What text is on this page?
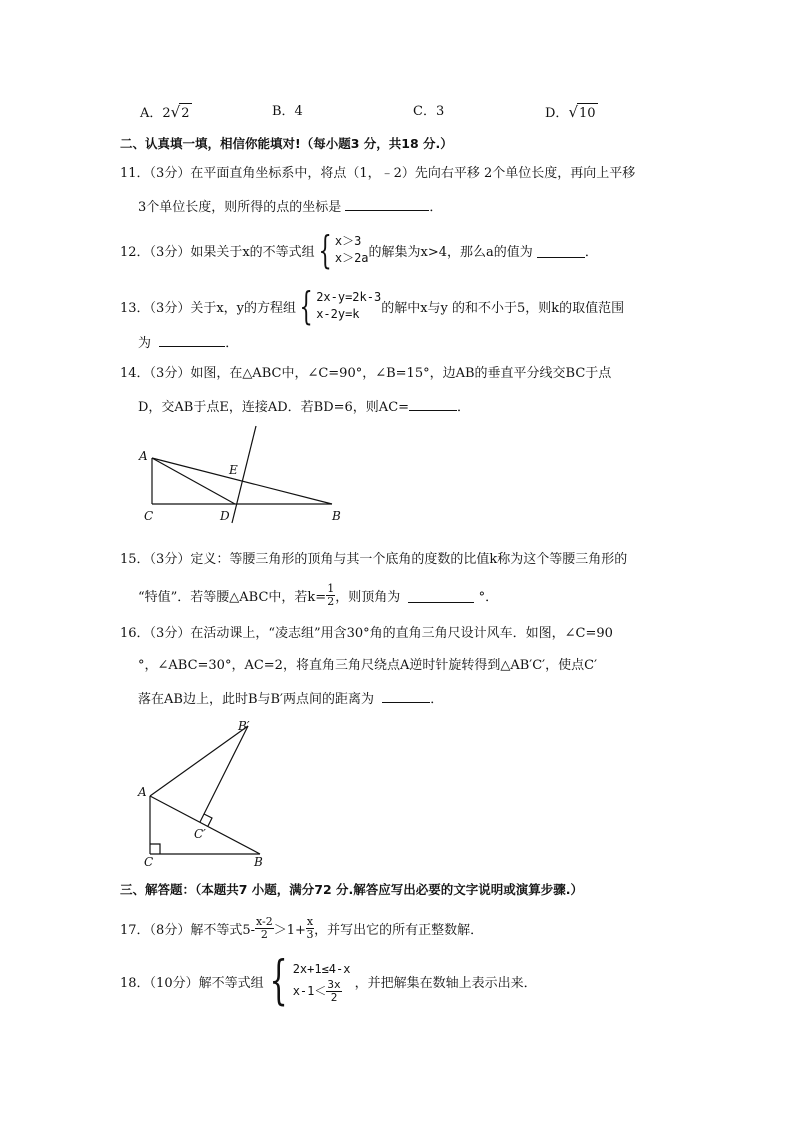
A．2√2	B．4	C．3	D．√10
二、认真填一填，相信你能填对!（每小题3 分，共18 分.）
11．（3分）在平面直角坐标系中，将点（1，﹣2）先向右平移 2个单位长度，再向上平移
3个单位长度，则所得的点的坐标是	．
12．（3分）如果关于x的不等式组 { x＞3
x＞2a 的解集为x>4，那么a的值为
	．
13．（3分）关于x，y的方程组 { 2x-y=2k-3
x-2y=k	的解中x与y 的和不小于5，则k的取值范围
为	．
14．（3分）如图，在△ABC中，∠C=90°，∠B=15°，边AB的垂直平分线交BC于点
D，交AB于点E，连接AD．若BD=6，则AC=	．
A
E
C	D	B
15．（3分）定义：等腰三角形的顶角与其一个底角的度数的比值k称为这个等腰三角形的
“特值”．若等腰△ABC中，若$k= \frac{1}{2}$ ，则顶角为

	°．
16．（3分）在活动课上，“凌志组”用含30°角的直角三角尺设计风车．如图，∠C=90
°，∠ABC=30°，AC=2，将直角三角尺绕点A逆时针旋转得到△AB′C′，使点C′
落在AB边上，此时B与B′两点间的距离为	．
B′
A
C′
C	B
三、解答题：（本题共7 小题，满分72 分.解答应写出必要的文字说明或演算步骤.）
17．（8分）解不等式$5- \frac{x-2}{2} >1+ \frac{x}{3}$ ，并写出它的所有正整数解．
18．（10分）解不等式组 { 2x+1≤4-x
$x-1< \frac{3x}{2}$
，并把解集在数轴上表示出来．
